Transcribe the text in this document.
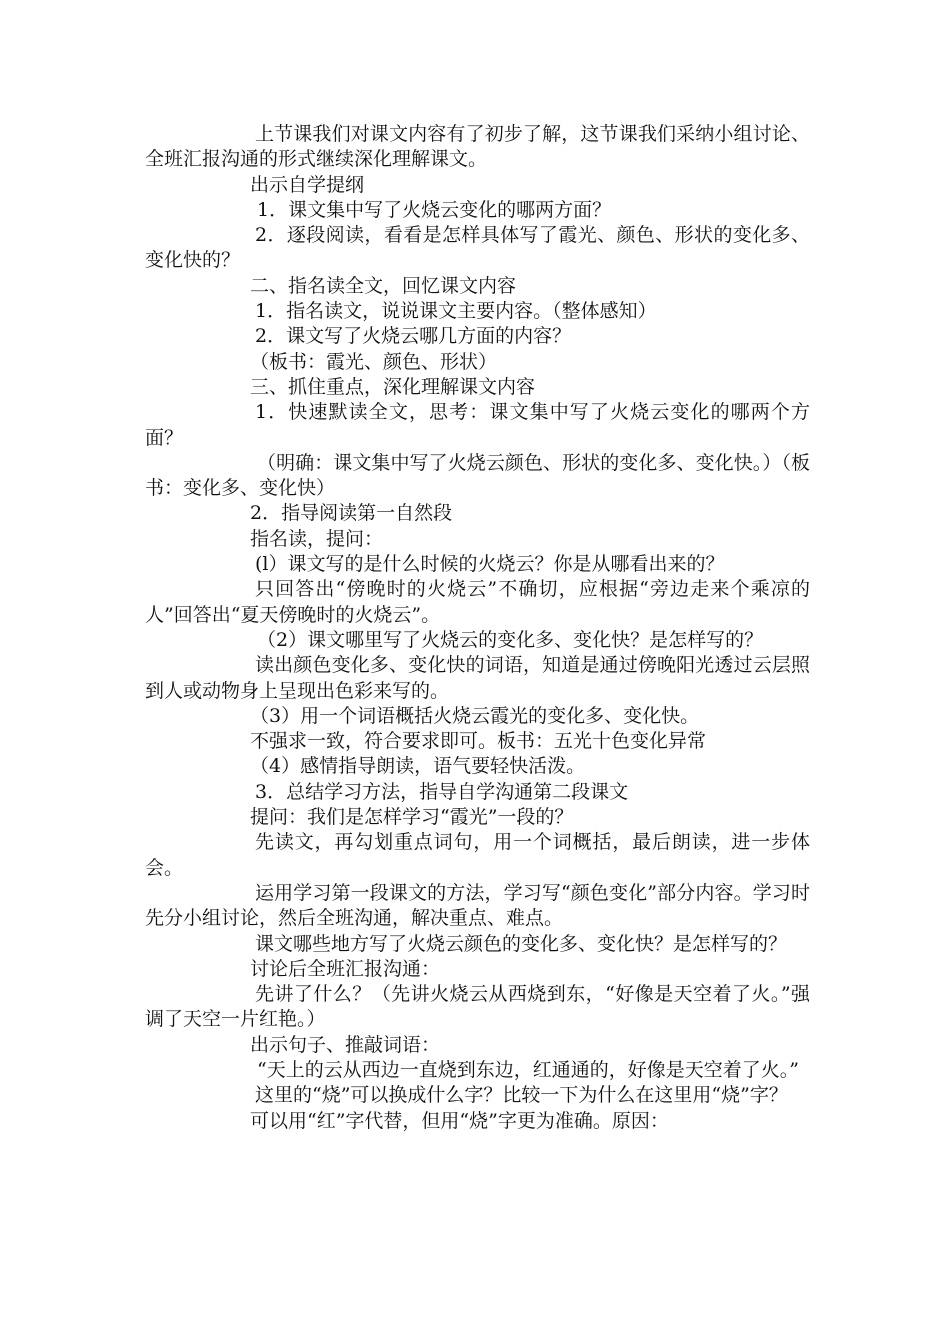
上节课我们对课文内容有了初步了解，这节课我们采纳小组讨论、全班汇报沟通的形式继续深化理解课文。

出示自学提纲

1．课文集中写了火烧云变化的哪两方面？

2．逐段阅读，看看是怎样具体写了霞光、颜色、形状的变化多、变化快的？

二、指名读全文，回忆课文内容

1．指名读文，说说课文主要内容。（整体感知）

2．课文写了火烧云哪几方面的内容？

（板书：霞光、颜色、形状）

三、抓住重点，深化理解课文内容

1．快速默读全文，思考：课文集中写了火烧云变化的哪两个方面？

（明确：课文集中写了火烧云颜色、形状的变化多、变化快。）（板书：变化多、变化快）

2．指导阅读第一自然段

指名读，提问：

(l）课文写的是什么时候的火烧云？你是从哪看出来的？

只回答出“傍晚时的火烧云”不确切，应根据“旁边走来个乘凉的人”回答出“夏天傍晚时的火烧云”。

（2）课文哪里写了火烧云的变化多、变化快？是怎样写的？

读出颜色变化多、变化快的词语，知道是通过傍晚阳光透过云层照到人或动物身上呈现出色彩来写的。

（3）用一个词语概括火烧云霞光的变化多、变化快。

不强求一致，符合要求即可。板书：五光十色变化异常

（4）感情指导朗读，语气要轻快活泼。

3．总结学习方法，指导自学沟通第二段课文

提问：我们是怎样学习“霞光”一段的？

先读文，再勾划重点词句，用一个词概括，最后朗读，进一步体会。

运用学习第一段课文的方法，学习写“颜色变化”部分内容。学习时先分小组讨论，然后全班沟通，解决重点、难点。

课文哪些地方写了火烧云颜色的变化多、变化快？是怎样写的？

讨论后全班汇报沟通：

先讲了什么？（先讲火烧云从西烧到东，“好像是天空着了火。”强调了天空一片红艳。）

出示句子、推敲词语：

“天上的云从西边一直烧到东边，红通通的，好像是天空着了火。”

这里的“烧”可以换成什么字？比较一下为什么在这里用“烧”字？

可以用“红”字代替，但用“烧”字更为准确。原因：
